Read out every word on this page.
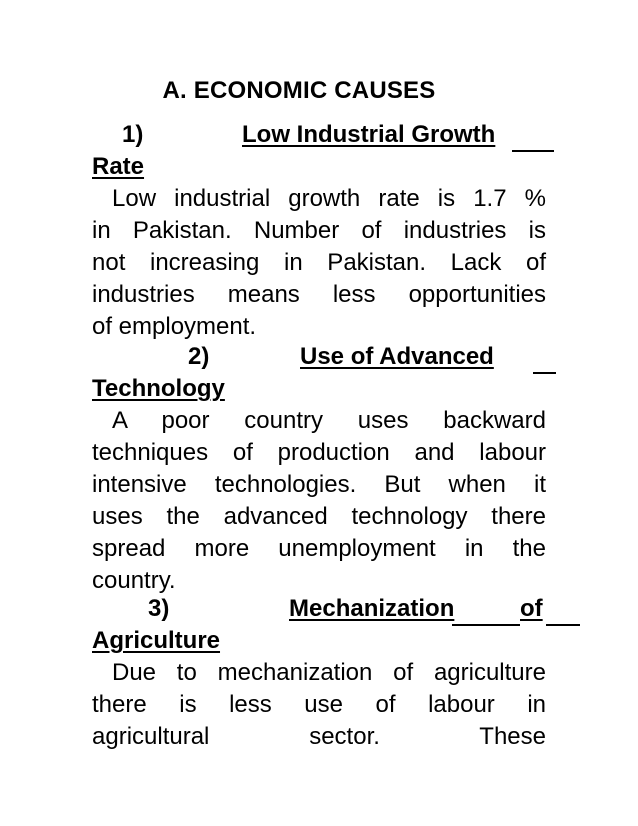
A. ECONOMIC CAUSES
1)	Low Industrial Growth
Rate
Low industrial growth rate is 1.7 %
in Pakistan. Number of industries is
not increasing in Pakistan. Lack of
industries means less opportunities
of employment.
2)	Use of Advanced
Technology
A poor country uses backward
techniques of production and labour
intensive technologies. But when it
uses the advanced technology there
spread more unemployment in the
country.
3)	Mechanization	of
Agriculture
Due to mechanization of agriculture
there is less use of labour in
agricultural sector. These
